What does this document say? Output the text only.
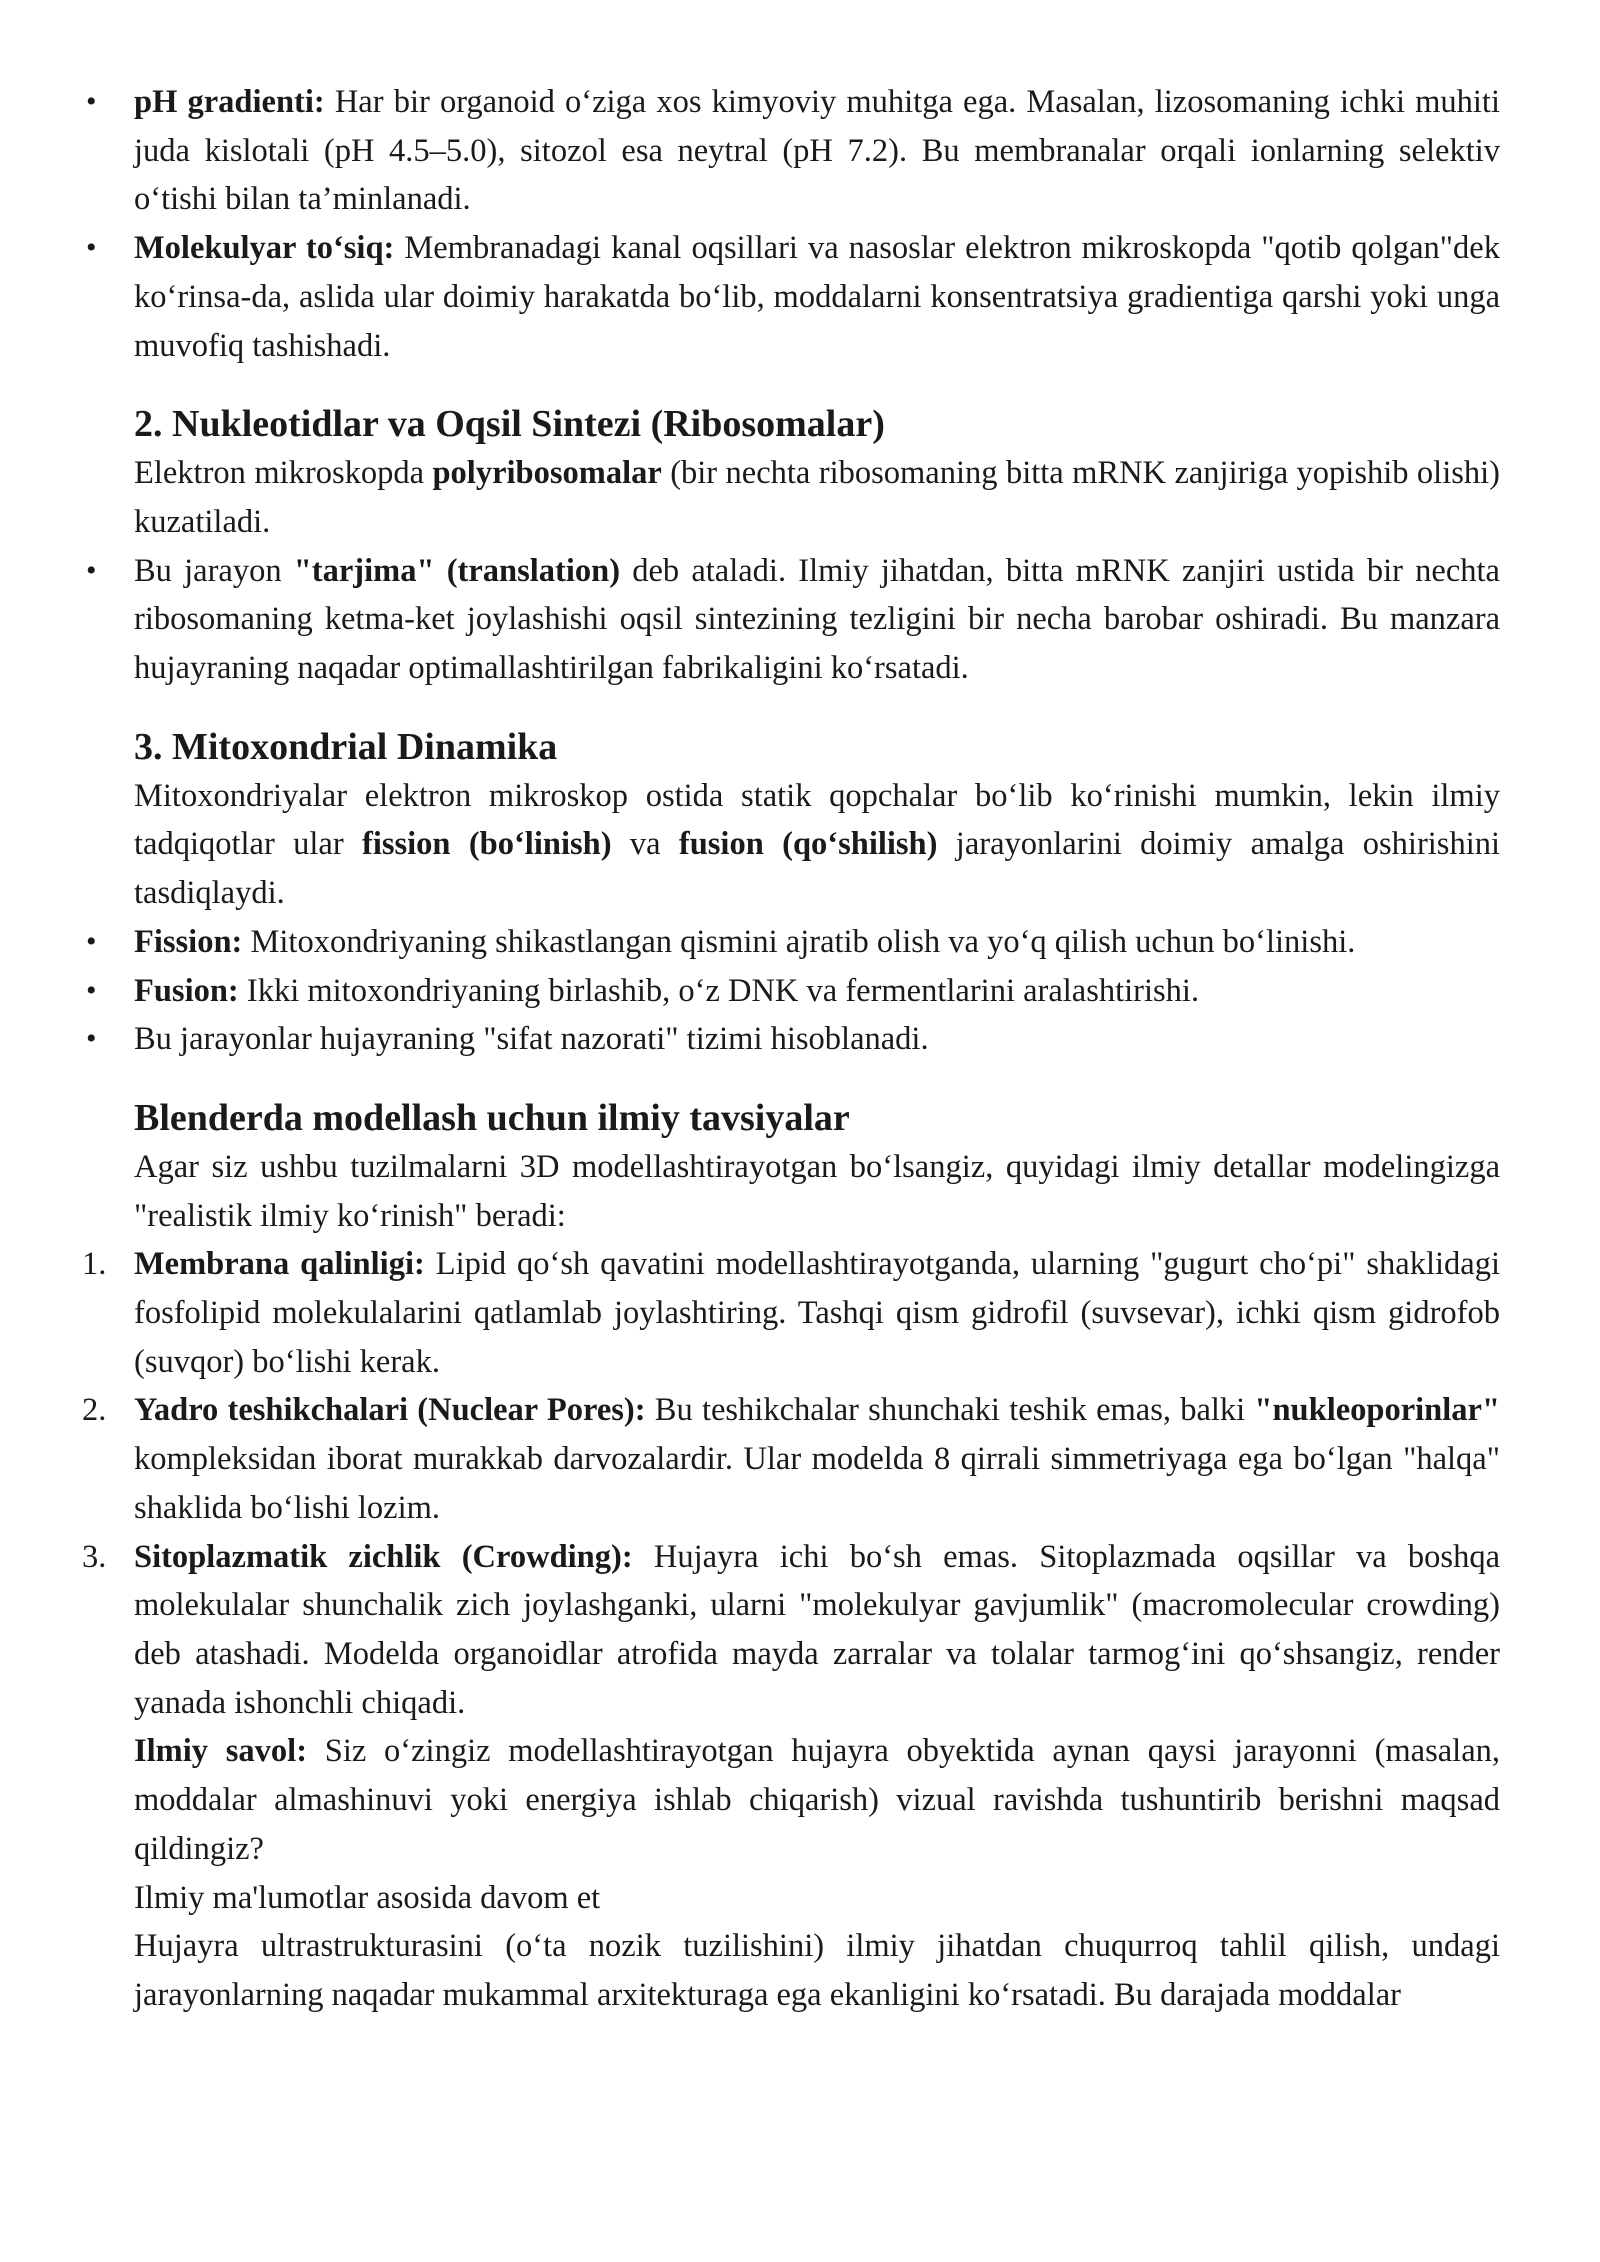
• pH gradienti: Har bir organoid o‘ziga xos kimyoviy muhitga ega. Masalan, lizosomaning ichki muhiti juda kislotali (pH 4.5–5.0), sitozol esa neytral (pH 7.2). Bu membranalar orqali ionlarning selektiv o‘tishi bilan ta’minlanadi.
• Molekulyar to‘siq: Membranadagi kanal oqsillari va nasoslar elektron mikroskopda "qotib qolgan"dek ko‘rinsa-da, aslida ular doimiy harakatda bo‘lib, moddalarni konsentratsiya gradientiga qarshi yoki unga muvofiq tashishadi.
2. Nukleotidlar va Oqsil Sintezi (Ribosomalar)

Elektron mikroskopda polyribosomalar (bir nechta ribosomaning bitta mRNK zanjiriga yopishib olishi) kuzatiladi.

• Bu jarayon "tarjima" (translation) deb ataladi. Ilmiy jihatdan, bitta mRNK zanjiri ustida bir nechta ribosomaning ketma-ket joylashishi oqsil sintezining tezligini bir necha barobar oshiradi. Bu manzara hujayraning naqadar optimallashtirilgan fabrikaligini ko‘rsatadi.
3. Mitoxondrial Dinamika

Mitoxondriyalar elektron mikroskop ostida statik qopchalar bo‘lib ko‘rinishi mumkin, lekin ilmiy tadqiqotlar ular fission (bo‘linish) va fusion (qo‘shilish) jarayonlarini doimiy amalga oshirishini tasdiqlaydi.

• Fission: Mitoxondriyaning shikastlangan qismini ajratib olish va yo‘q qilish uchun bo‘linishi.
• Fusion: Ikki mitoxondriyaning birlashib, o‘z DNK va fermentlarini aralashtirishi.
• Bu jarayonlar hujayraning "sifat nazorati" tizimi hisoblanadi.
Blenderda modellash uchun ilmiy tavsiyalar

Agar siz ushbu tuzilmalarni 3D modellashtirayotgan bo‘lsangiz, quyidagi ilmiy detallar modelingizga "realistik ilmiy ko‘rinish" beradi:

1. Membrana qalinligi: Lipid qo‘sh qavatini modellashtirayotganda, ularning "gugurt cho‘pi" shaklidagi fosfolipid molekulalarini qatlamlab joylashtiring. Tashqi qism gidrofil (suvsevar), ichki qism gidrofob (suvqor) bo‘lishi kerak.
2. Yadro teshikchalari (Nuclear Pores): Bu teshikchalar shunchaki teshik emas, balki "nukleoporinlar" kompleksidan iborat murakkab darvozalardir. Ular modelda 8 qirrali simmetriyaga ega bo‘lgan "halqa" shaklida bo‘lishi lozim.
3. Sitoplazmatik zichlik (Crowding): Hujayra ichi bo‘sh emas. Sitoplazmada oqsillar va boshqa molekulalar shunchalik zich joylashganki, ularni "molekulyar gavjumlik" (macromolecular crowding) deb atashadi. Modelda organoidlar atrofida mayda zarralar va tolalar tarmog‘ini qo‘shsangiz, render yanada ishonchli chiqadi.

Ilmiy savol: Siz o‘zingiz modellashtirayotgan hujayra obyektida aynan qaysi jarayonni (masalan, moddalar almashinuvi yoki energiya ishlab chiqarish) vizual ravishda tushuntirib berishni maqsad qildingiz?

Ilmiy ma'lumotlar asosida davom et

Hujayra ultrastrukturasini (o‘ta nozik tuzilishini) ilmiy jihatdan chuqurroq tahlil qilish, undagi jarayonlarning naqadar mukammal arxitekturaga ega ekanligini ko‘rsatadi. Bu darajada moddalar
